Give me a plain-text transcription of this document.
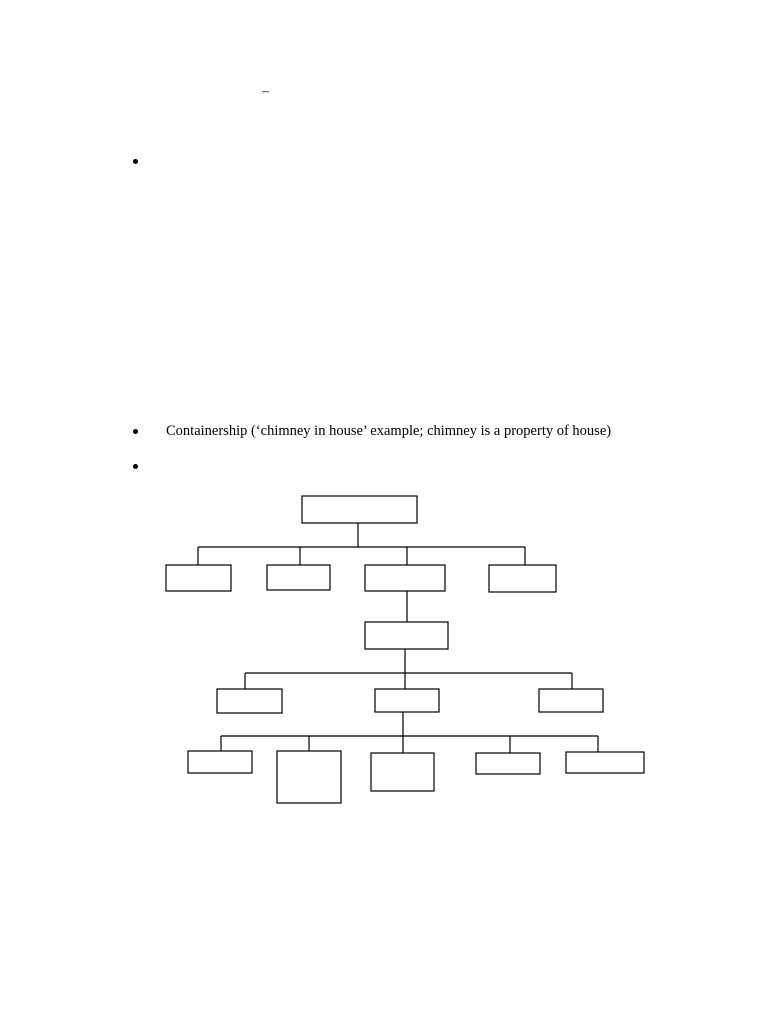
–
Containership (‘chimney in house’ example; chimney is a property of house)
